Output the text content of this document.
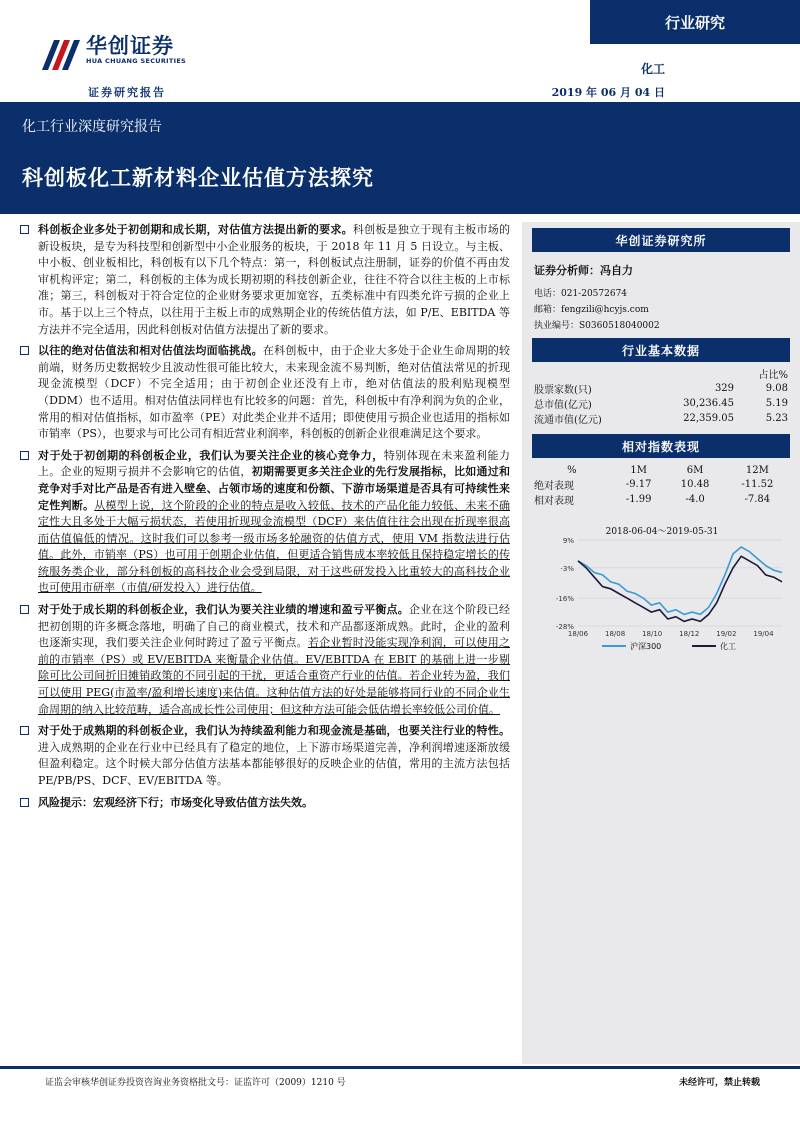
行业研究
华创证券
HUA CHUANG SECURITIES
证券研究报告
化工
2019 年 06 月 04 日
化工行业深度研究报告
科创板化工新材料企业估值方法探究
科创板企业多处于初创期和成长期，对估值方法提出新的要求。科创板是独立于现有主板市场的新设板块，是专为科技型和创新型中小企业服务的板块，于 2018 年 11 月 5 日设立。与主板、中小板、创业板相比，科创板有以下几个特点：第一，科创板试点注册制，证券的价值不再由发审机构评定；第二，科创板的主体为成长期初期的科技创新企业，往往不符合以往主板的上市标准；第三，科创板对于符合定位的企业财务要求更加宽容，五类标准中有四类允许亏损的企业上市。基于以上三个特点，以往用于主板上市的成熟期企业的传统估值方法，如 P/E、EBITDA 等方法并不完全适用，因此科创板对估值方法提出了新的要求。
以往的绝对估值法和相对估值法均面临挑战。在科创板中，由于企业大多处于企业生命周期的较前端，财务历史数据较少且波动性很可能比较大，未来现金流不易判断，绝对估值法常见的折现现金流模型（DCF）不完全适用；由于初创企业还没有上市，绝对估值法的股利贴现模型（DDM）也不适用。相对估值法同样也有比较多的问题：首先，科创板中有净利润为负的企业，常用的相对估值指标，如市盈率（PE）对此类企业并不适用；即使使用亏损企业也适用的指标如市销率（PS），也要求与可比公司有相近营业利润率，科创板的创新企业很难满足这个要求。
对于处于初创期的科创板企业，我们认为要关注企业的核心竞争力，特别体现在未来盈利能力上。企业的短期亏损并不会影响它的估值，初期需要更多关注企业的先行发展指标，比如通过和竞争对手对比产品是否有进入壁垒、占领市场的速度和份额、下游市场渠道是否具有可持续性来定性判断。从模型上说，这个阶段的企业的特点是收入较低、技术的产品化能力较低、未来不确定性大且多处于大幅亏损状态，若使用折现现金流模型（DCF）来估值往往会出现在折现率很高而估值偏低的情况。这时我们可以参考一级市场多轮融资的估值方式，使用 VM 指数法进行估值。此外，市销率（PS）也可用于创期企业估值，但更适合销售成本率较低且保持稳定增长的传统服务类企业，部分科创板的高科技企业会受到局限，对于这些研发投入比重较大的高科技企业也可使用市研率（市值/研发投入）进行估值。
对于处于成长期的科创板企业，我们认为要关注业绩的增速和盈亏平衡点。企业在这个阶段已经把初创期的许多概念落地，明确了自己的商业模式，技术和产品都逐渐成熟。此时，企业的盈利也逐渐实现，我们要关注企业何时跨过了盈亏平衡点。若企业暂时没能实现净利润，可以使用之前的市销率（PS）或 EV/EBITDA 来衡量企业估值。EV/EBITDA 在 EBIT 的基础上进一步剔除可比公司间折旧摊销政策的不同引起的干扰，更适合重资产行业的估值。若企业转为盈，我们可以使用 PEG(市盈率/盈利增长速度)来估值。这种估值方法的好处是能够将同行业的不同企业生命周期的纳入比较范畴，适合高成长性公司使用；但这种方法可能会低估增长率较低公司价值。
对于处于成熟期的科创板企业，我们认为持续盈利能力和现金流是基础，也要关注行业的特性。进入成熟期的企业在行业中已经具有了稳定的地位，上下游市场渠道完善，净利润增速逐渐放缓但盈利稳定。这个时候大部分估值方法基本都能够很好的反映企业的估值，常用的主流方法包括 PE/PB/PS、DCF、EV/EBITDA 等。
风险提示：宏观经济下行；市场变化导致估值方法失效。
华创证券研究所
证券分析师：冯自力
电话：021-20572674
邮箱：fengzili@hcyjs.com
执业编号：S0360518040002
行业基本数据
		占比%
股票家数(只)	329	9.08
总市值(亿元)	30,236.45	5.19
流通市值(亿元)	22,359.05	5.23
相对指数表现
%	1M	6M	12M
绝对表现	-9.17	10.48	-11.52
相对表现	-1.99	-4.0	-7.84
2018-06-04～2019-05-31
9%
-3%
-16%
-28%
18/06 18/08 18/10 18/12 19/02 19/04
沪深300	化工
证监会审核华创证券投资咨询业务资格批文号：证监许可（2009）1210 号	未经许可，禁止转载
